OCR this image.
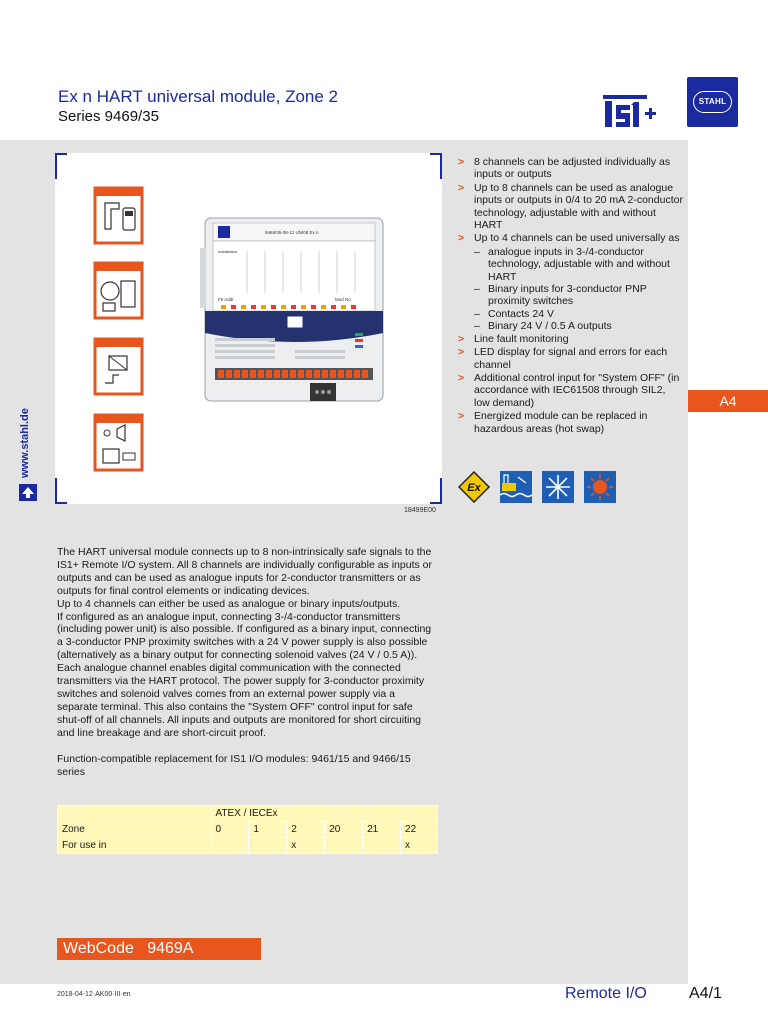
Ex n HART universal module, Zone 2
Series 9469/35
IS1+
STAHL
www.stahl.de
9469/35-08-12 UNI08 Ex n
Installation
F8 Addr	Mod No
18499E00
> 8 channels can be adjusted individually as inputs or outputs
> Up to 8 channels can be used as analogue inputs or outputs in 0/4 to 20 mA 2-conductor technology, adjustable with and without HART
> Up to 4 channels can be used universally as
– analogue inputs in 3-/4-conductor technology, adjustable with and without HART
– Binary inputs for 3-conductor PNP proximity switches
– Contacts 24 V
– Binary 24 V / 0.5 A outputs
> Line fault monitoring
> LED display for signal and errors for each channel
> Additional control input for "System OFF" (in accordance with IEC61508 through SIL2, low demand)
> Energized module can be replaced in hazardous areas (hot swap)
Ex
A4

The HART universal module connects up to 8 non-intrinsically safe signals to the IS1+ Remote I/O system. All 8 channels are individually configurable as inputs or outputs and can be used as analogue inputs for 2-conductor transmitters or as outputs for final control elements or indicating devices.

Up to 4 channels can either be used as analogue or binary inputs/outputs.

If configured as an analogue input, connecting 3-/4-conductor transmitters (including power unit) is also possible. If configured as a binary input, connecting a 3-conductor PNP proximity switches with a 24 V power supply is also possible (alternatively as a binary output for connecting solenoid valves (24 V / 0.5 A)).

Each analogue channel enables digital communication with the connected transmitters via the HART protocol. The power supply for 3-conductor proximity switches and solenoid valves comes from an external power supply via a separate terminal. This also contains the "System OFF" control input for safe shut-off of all channels. All inputs and outputs are monitored for short circuiting and line breakage and are short-circuit proof.

Function-compatible replacement for IS1 I/O modules: 9461/15 and 9466/15 series

	ATEX / IECEx					
Zone	0	1	2	20	21	22
For use in			x			x
WebCode 9469A
2018-04-12·AK00·III·en	Remote I/O	A4/1
